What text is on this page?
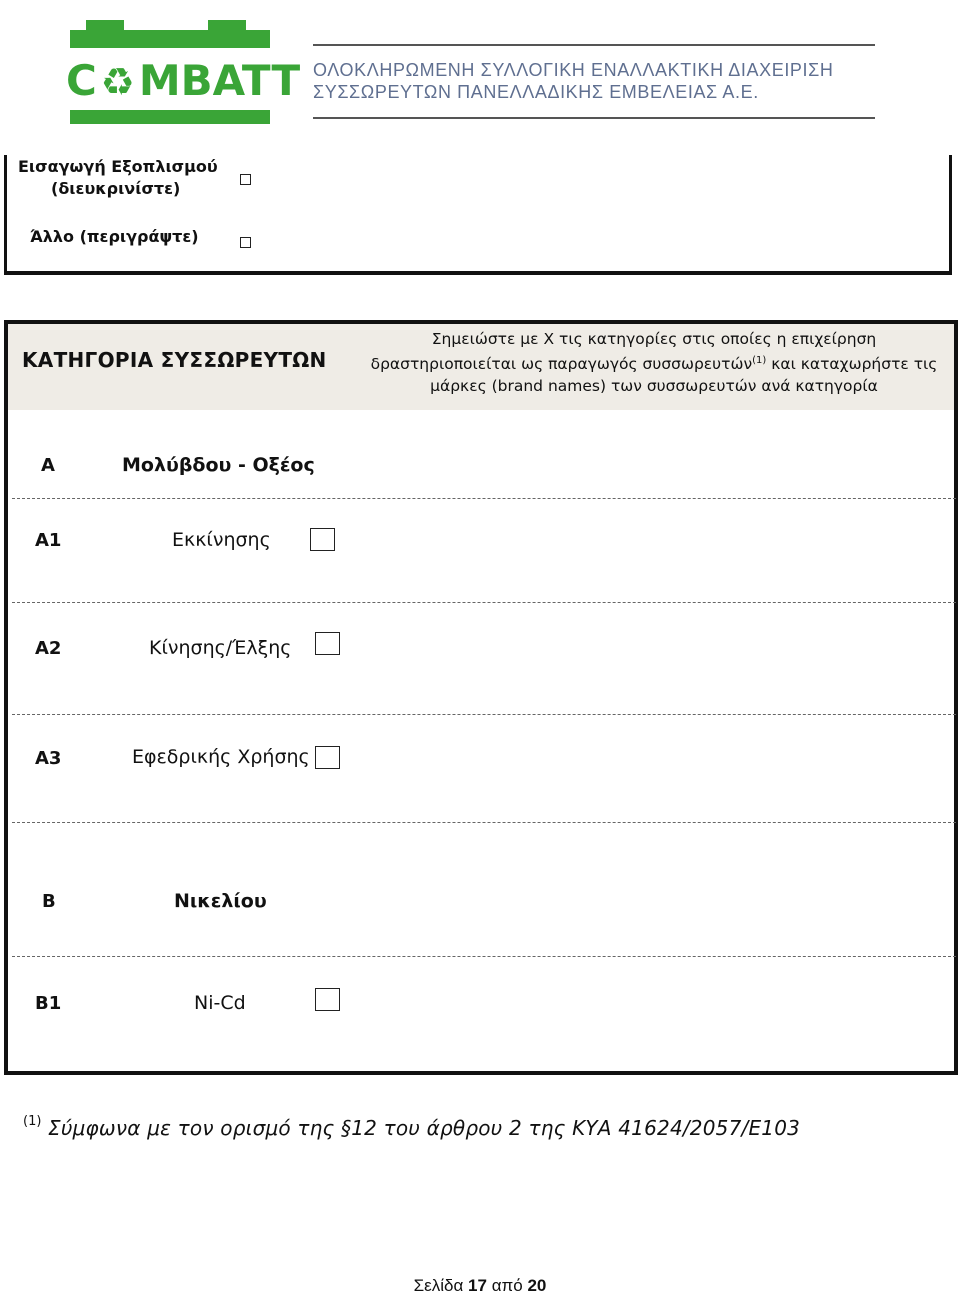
C ♻MBATT ΟΛΟΚΛΗΡΩΜΕΝΗ ΣΥΛΛΟΓΙΚΗ ΕΝΑΛΛΑΚΤΙΚΗ ΔΙΑΧΕΙΡΙΣΗ
ΣΥΣΣΩΡΕΥΤΩΝ ΠΑΝΕΛΛΑΔΙΚΗΣ ΕΜΒΕΛΕΙΑΣ Α.Ε.
Εισαγωγή Εξοπλισμού
(διευκρινίστε)
Άλλο (περιγράψτε)
ΚΑΤΗΓΟΡΙΑ ΣΥΣΣΩΡΕΥΤΩΝ
Σημειώστε με Χ τις κατηγορίες στις οποίες η επιχείρηση δραστηριοποιείται ως παραγωγός συσσωρευτών$^{(1)}$ και καταχωρήστε τις μάρκες (brand names) των συσσωρευτών ανά κατηγορία
A	Μολύβδου - Οξέος
A1	Εκκίνησης
A2	Κίνησης/Έλξης
A3	Εφεδρικής Χρήσης
B	Νικελίου
B1	Ni-Cd
(1) Σύμφωνα με τον ορισμό της §12 του άρθρου 2 της ΚΥΑ 41624/2057/Ε103
Σελίδα 17 από 20
